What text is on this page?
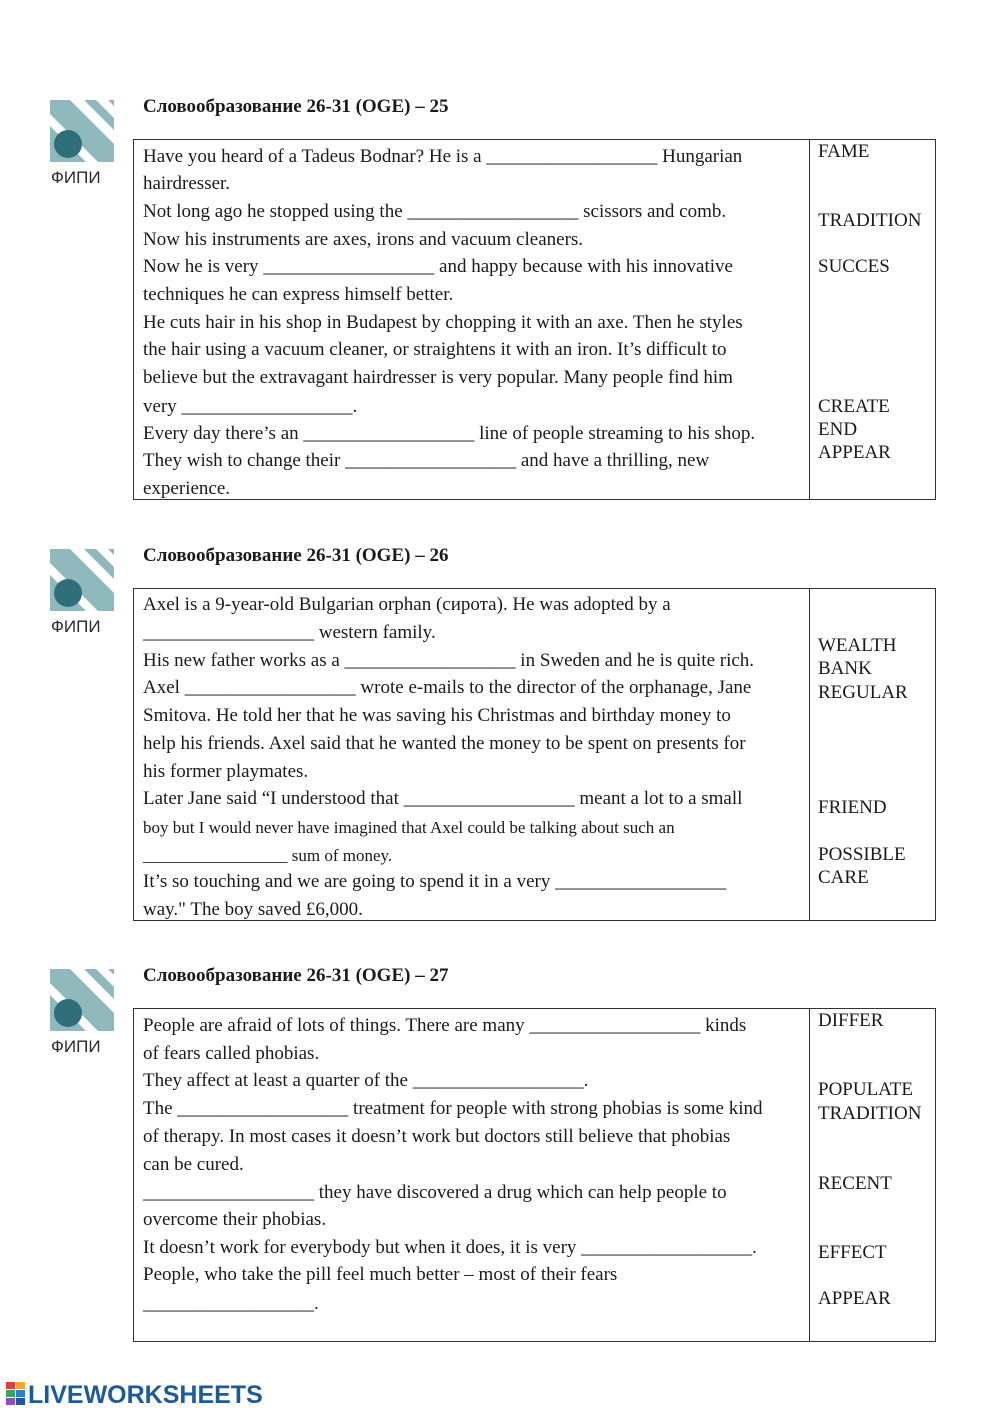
ФИПИ
Словообразование 26-31 (OGE) – 25
Have you heard of a Tadeus Bodnar? He is a __________________ Hungarian
hairdresser.
Not long ago he stopped using the __________________ scissors and comb.
Now his instruments are axes, irons and vacuum cleaners.
Now he is very __________________ and happy because with his innovative
techniques he can express himself better.
He cuts hair in his shop in Budapest by chopping it with an axe. Then he styles
the hair using a vacuum cleaner, or straightens it with an iron. It’s difficult to
believe but the extravagant hairdresser is very popular. Many people find him
very __________________.
Every day there’s an __________________ line of people streaming to his shop.
They wish to change their __________________ and have a thrilling, new
experience.
FAME
TRADITION
SUCCES
CREATE
END
APPEAR
ФИПИ
Словообразование 26-31 (OGE) – 26
Axel is a 9-year-old Bulgarian orphan (сирота). He was adopted by a
__________________ western family.
His new father works as a __________________ in Sweden and he is quite rich.
Axel __________________ wrote e-mails to the director of the orphanage, Jane
Smitova. He told her that he was saving his Christmas and birthday money to
help his friends. Axel said that he wanted the money to be spent on presents for
his former playmates.
Later Jane said “I understood that __________________ meant a lot to a small
boy but I would never have imagined that Axel could be talking about such an
_________________ sum of money.
It’s so touching and we are going to spend it in a very __________________
way." The boy saved £6,000.
WEALTH
BANK
REGULAR
FRIEND
POSSIBLE
CARE
ФИПИ
Словообразование 26-31 (OGE) – 27
People are afraid of lots of things. There are many __________________ kinds
of fears called phobias.
They affect at least a quarter of the __________________.
The __________________ treatment for people with strong phobias is some kind
of therapy. In most cases it doesn’t work but doctors still believe that phobias
can be cured.
__________________ they have discovered a drug which can help people to
overcome their phobias.
It doesn’t work for everybody but when it does, it is very __________________.
People, who take the pill feel much better – most of their fears
__________________.
DIFFER
POPULATE
TRADITION
RECENT
EFFECT
APPEAR
LIVEWORKSHEETS
